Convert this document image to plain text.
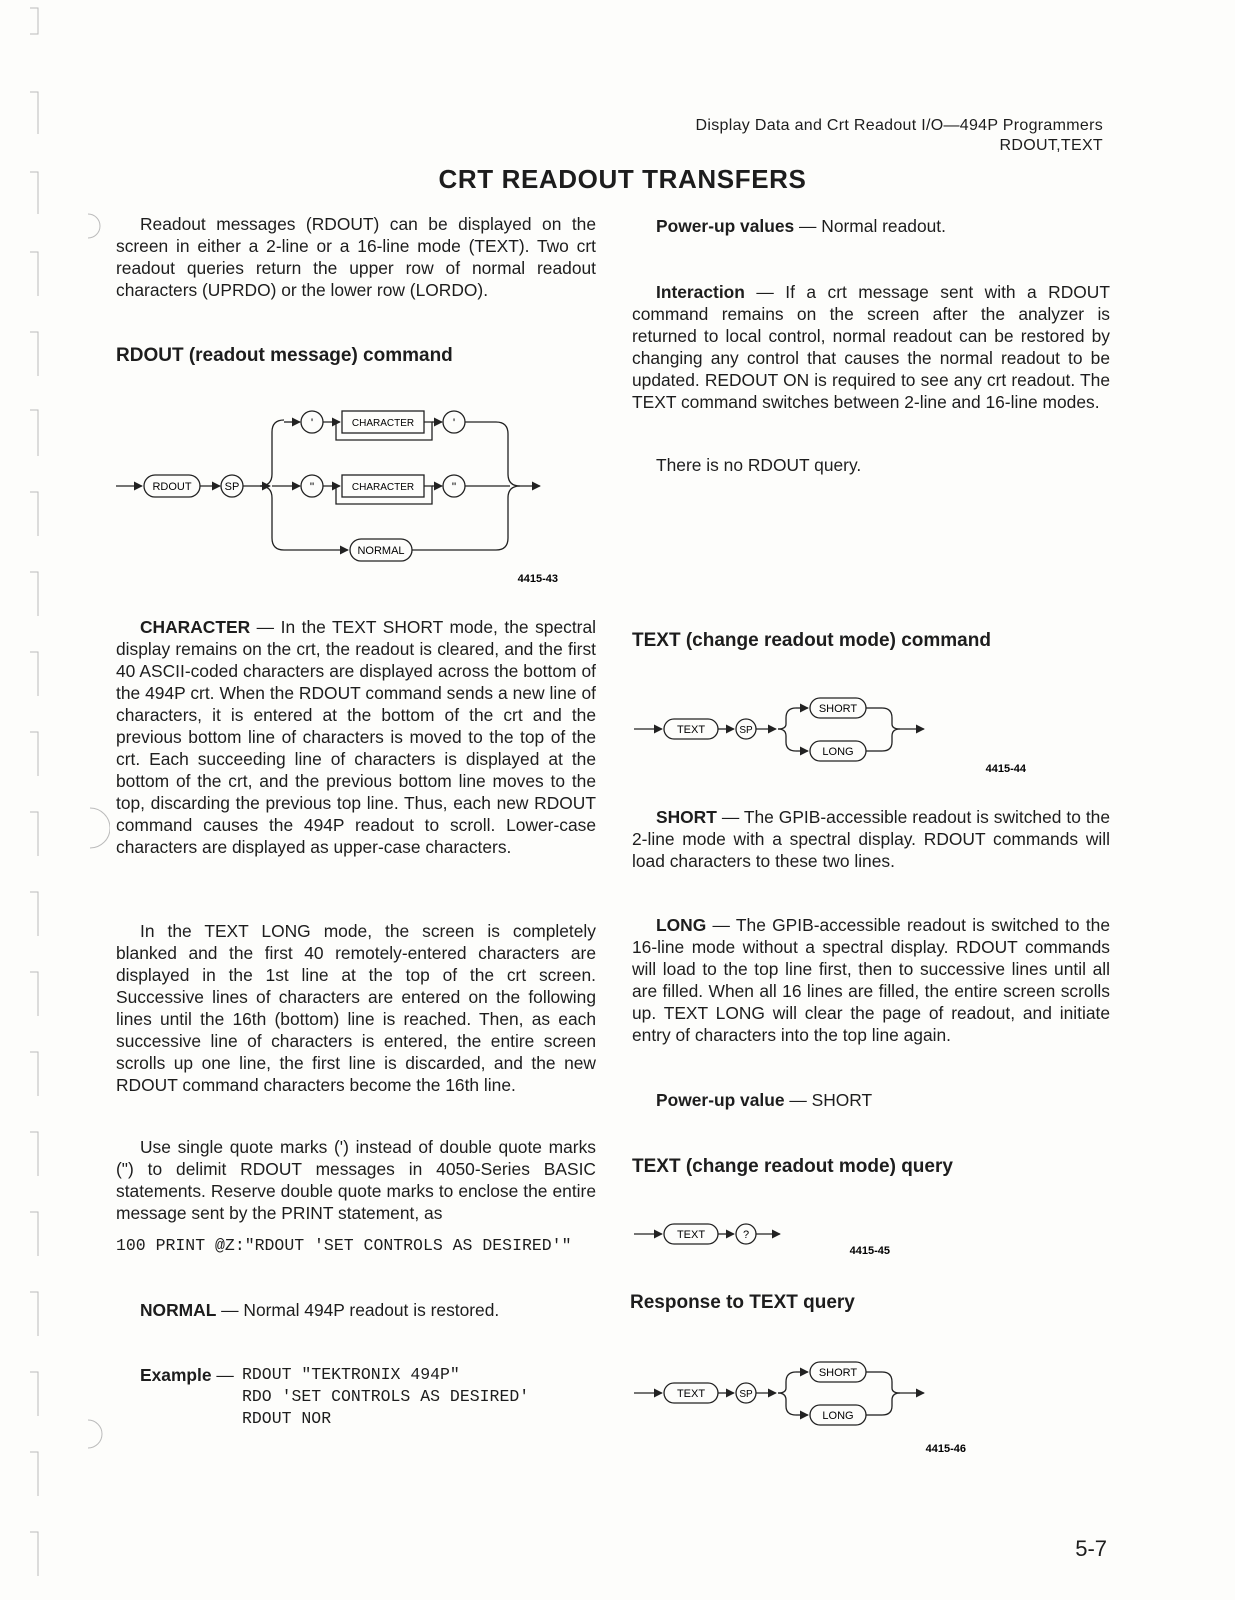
Display Data and Crt Readout I/O—494P Programmers
RDOUT,TEXT
CRT READOUT TRANSFERS

Readout messages (RDOUT) can be displayed on the screen in either a 2-line or a 16-line mode (TEXT). Two crt readout queries return the upper row of normal readout characters (UPRDO) or the lower row (LORDO).

RDOUT (readout message) command
RDOUT	SP
'	CHARACTER	'
"	CHARACTER	"
NORMAL
4415-43

CHARACTER — In the TEXT SHORT mode, the spectral display remains on the crt, the readout is cleared, and the first 40 ASCII-coded characters are displayed across the bottom of the 494P crt. When the RDOUT command sends a new line of characters, it is entered at the bottom of the crt and the previous bottom line of characters is moved to the top of the crt. Each succeeding line of characters is displayed at the bottom of the crt, and the previous bottom line moves to the top, discarding the previous top line. Thus, each new RDOUT command causes the 494P readout to scroll. Lower-case characters are displayed as upper-case characters.

In the TEXT LONG mode, the screen is completely blanked and the first 40 remotely-entered characters are displayed in the 1st line at the top of the crt screen. Successive lines of characters are entered on the following lines until the 16th (bottom) line is reached. Then, as each successive line of characters is entered, the entire screen scrolls up one line, the first line is discarded, and the new RDOUT command characters become the 16th line.

Use single quote marks (') instead of double quote marks (") to delimit RDOUT messages in 4050-Series BASIC statements. Reserve double quote marks to enclose the entire message sent by the PRINT statement, as

100 PRINT @Z:"RDOUT 'SET CONTROLS AS DESIRED'"

NORMAL — Normal 494P readout is restored.

Example — RDOUT "TEKTRONIX 494P"
RDO 'SET CONTROLS AS DESIRED'
RDOUT NOR

Power-up values — Normal readout.

Interaction — If a crt message sent with a RDOUT command remains on the screen after the analyzer is returned to local control, normal readout can be restored by changing any control that causes the normal readout to be updated. REDOUT ON is required to see any crt readout. The TEXT command switches between 2-line and 16-line modes.

There is no RDOUT query.

TEXT (change readout mode) command
TEXT	SP
SHORT
LONG
4415-44

SHORT — The GPIB-accessible readout is switched to the 2-line mode with a spectral display. RDOUT commands will load characters to these two lines.

LONG — The GPIB-accessible readout is switched to the 16-line mode without a spectral display. RDOUT commands will load to the top line first, then to successive lines until all are filled. When all 16 lines are filled, the entire screen scrolls up. TEXT LONG will clear the page of readout, and initiate entry of characters into the top line again.

Power-up value — SHORT

TEXT (change readout mode) query
TEXT	?
4415-45
Response to TEXT query
TEXT	SP
SHORT
LONG
4415-46
5-7
